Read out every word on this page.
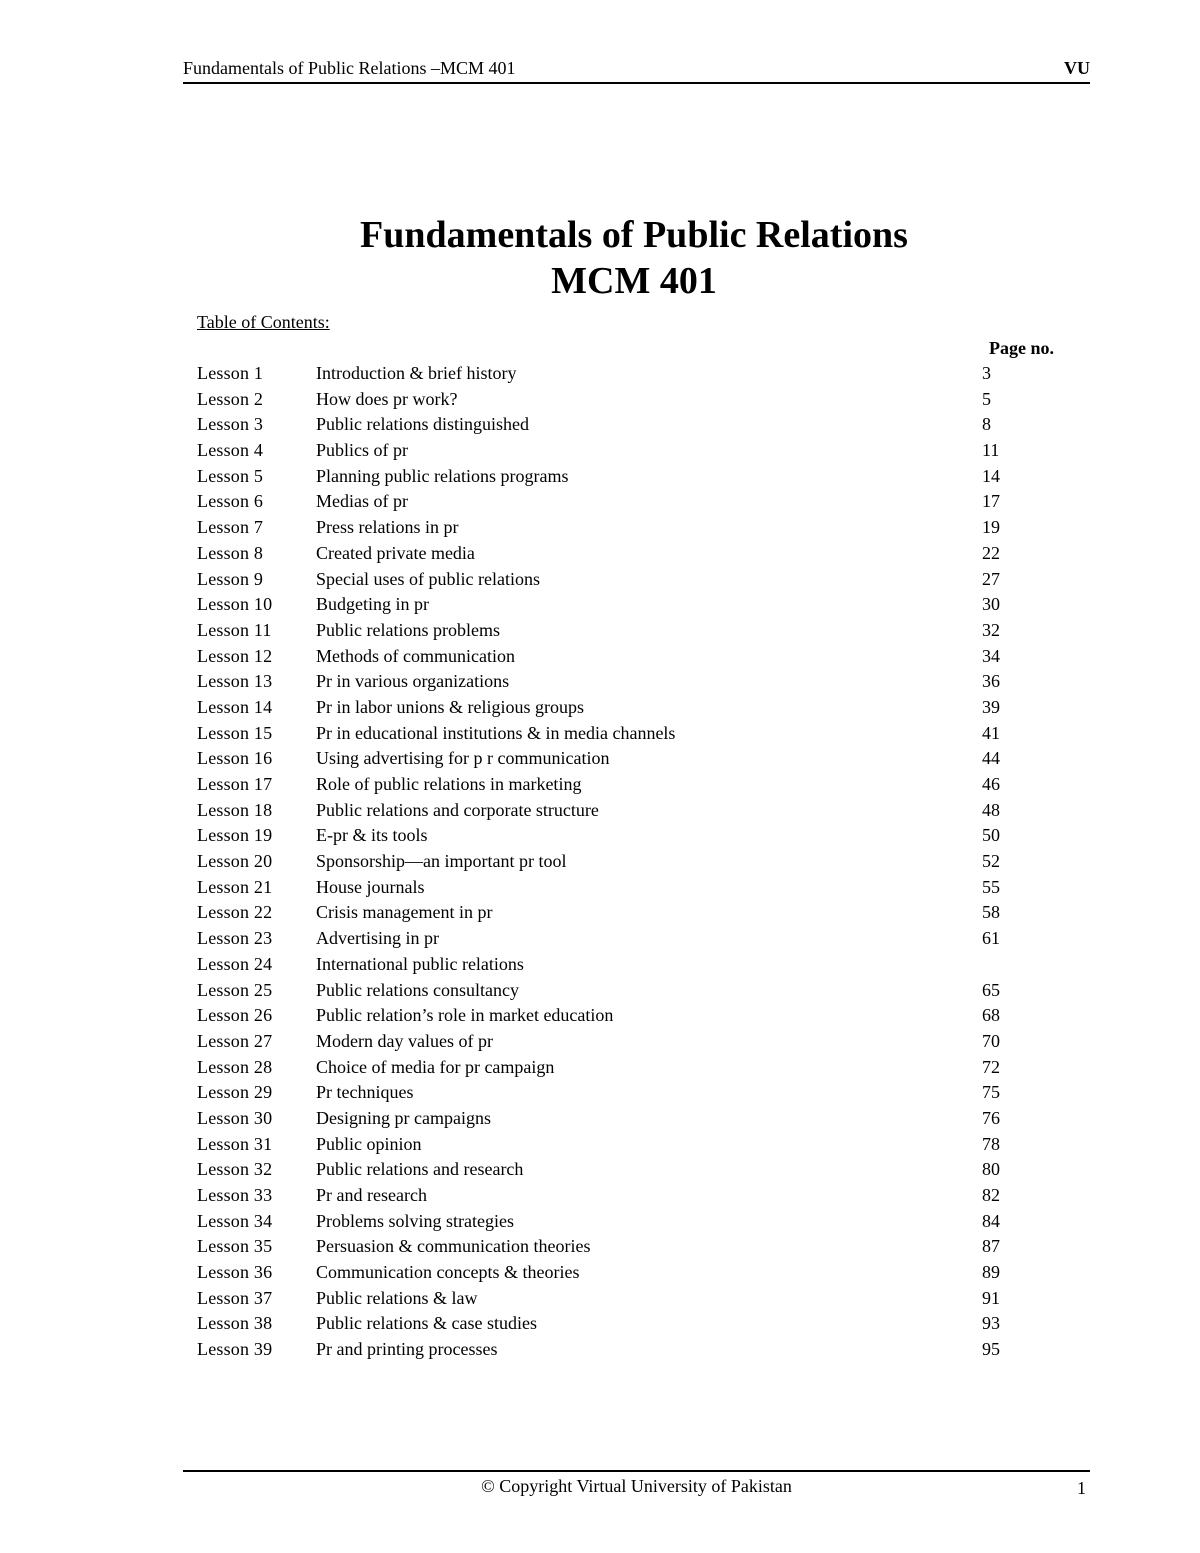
Fundamentals of Public Relations –MCM 401	VU
Fundamentals of Public Relations
MCM 401
Table of Contents:
Page no.
Lesson 1	Introduction & brief history	3
Lesson 2	How does pr work?	5
Lesson 3	Public relations distinguished	8
Lesson 4	Publics of pr	11
Lesson 5	Planning public relations programs	14
Lesson 6	Medias of pr	17
Lesson 7	Press relations in pr	19
Lesson 8	Created private media	22
Lesson 9	Special uses of public relations	27
Lesson 10 Budgeting in pr	30
Lesson 11 Public relations problems	32
Lesson 12 Methods of communication	34
Lesson 13 Pr in various organizations	36
Lesson 14 Pr in labor unions & religious groups	39
Lesson 15 Pr in educational institutions & in media channels	41
Lesson 16 Using advertising for p r communication	44
Lesson 17 Role of public relations in marketing	46
Lesson 18 Public relations and corporate structure	48
Lesson 19 E-pr & its tools	50
Lesson 20 Sponsorship—an important pr tool	52
Lesson 21 House journals	55
Lesson 22 Crisis management in pr	58
Lesson 23 Advertising in pr	61
Lesson 24 International public relations
Lesson 25 Public relations consultancy	65
Lesson 26 Public relation’s role in market education	68
Lesson 27 Modern day values of pr	70
Lesson 28 Choice of media for pr campaign	72
Lesson 29 Pr techniques	75
Lesson 30 Designing pr campaigns	76
Lesson 31 Public opinion	78
Lesson 32 Public relations and research	80
Lesson 33 Pr and research	82
Lesson 34 Problems solving strategies	84
Lesson 35 Persuasion & communication theories	87
Lesson 36 Communication concepts & theories	89
Lesson 37 Public relations & law	91
Lesson 38 Public relations & case studies	93
Lesson 39 Pr and printing processes	95
© Copyright Virtual University of Pakistan	1
